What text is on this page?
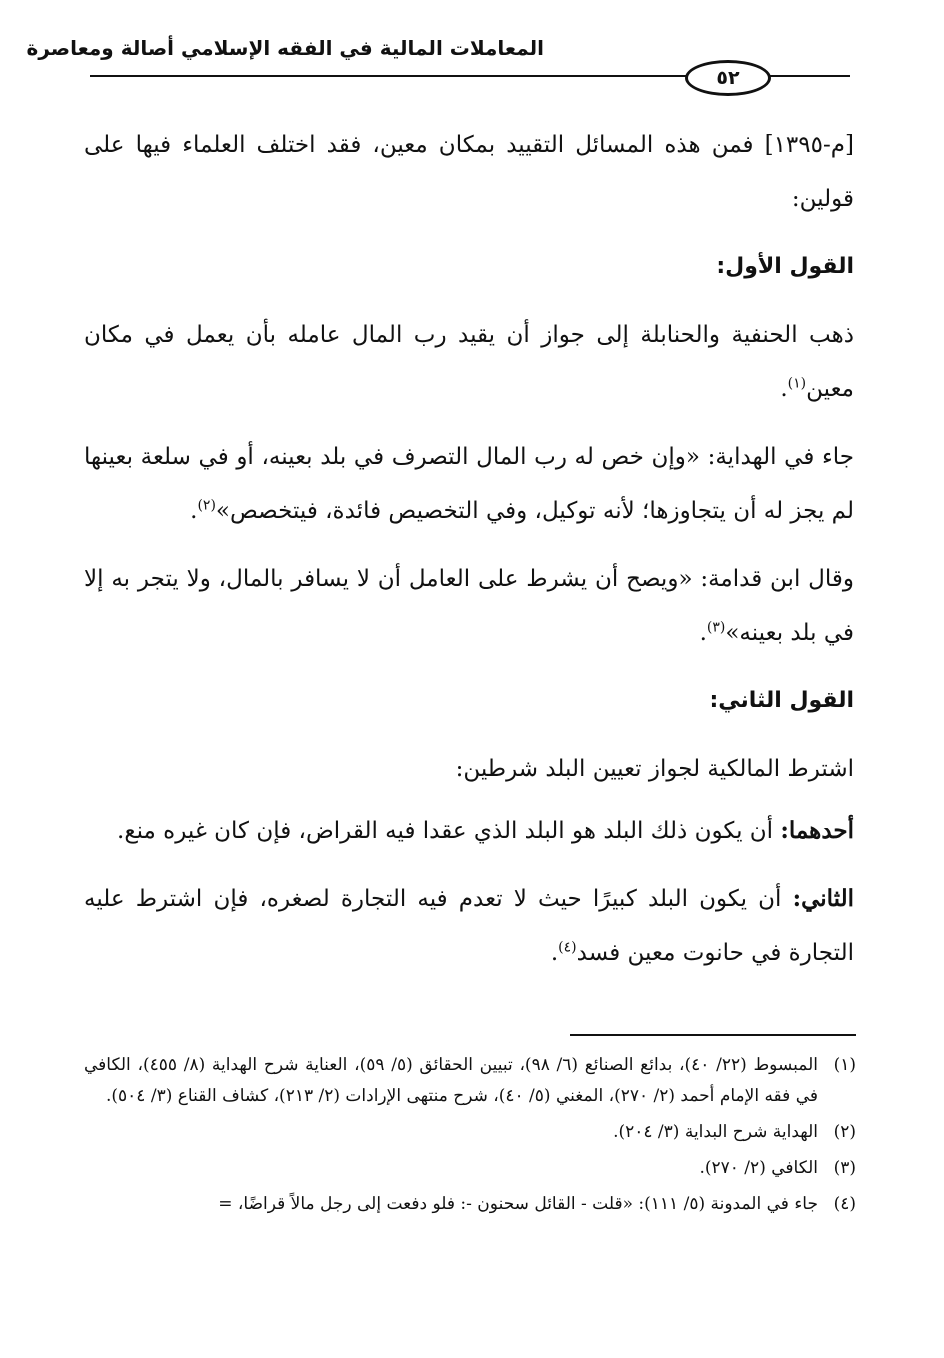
المعاملات المالية في الفقه الإسلامي أصالة ومعاصرة
٥٢

[م-١٣٩٥] فمن هذه المسائل التقييد بمكان معين، فقد اختلف العلماء فيها على قولين:

القول الأول:

ذهب الحنفية والحنابلة إلى جواز أن يقيد رب المال عامله بأن يعمل في مكان معين$^{(١)}$.

جاء في الهداية: «وإن خص له رب المال التصرف في بلد بعينه، أو في سلعة بعينها لم يجز له أن يتجاوزها؛ لأنه توكيل، وفي التخصيص فائدة، فيتخصص»$^{(٢)}$.

وقال ابن قدامة: «ويصح أن يشرط على العامل أن لا يسافر بالمال، ولا يتجر به إلا في بلد بعينه»$^{(٣)}$.

القول الثاني:

اشترط المالكية لجواز تعيين البلد شرطين:

أحدهما: أن يكون ذلك البلد هو البلد الذي عقدا فيه القراض، فإن كان غيره منع.

الثاني: أن يكون البلد كبيرًا حيث لا تعدم فيه التجارة لصغره، فإن اشترط عليه التجارة في حانوت معين فسد$^{(٤)}$.

(١)
المبسوط (٢٢/ ٤٠)، بدائع الصنائع (٦/ ٩٨)، تبيين الحقائق (٥/ ٥٩)، العناية شرح الهداية (٨/ ٤٥٥)، الكافي في فقه الإمام أحمد (٢/ ٢٧٠)، المغني (٥/ ٤٠)، شرح منتهى الإرادات (٢/ ٢١٣)، كشاف القناع (٣/ ٥٠٤).
(٢)
الهداية شرح البداية (٣/ ٢٠٤).
(٣)
الكافي (٢/ ٢٧٠).
(٤)
جاء في المدونة (٥/ ١١١): «قلت - القائل سحنون -: فلو دفعت إلى رجل مالاً قراضًا، =
